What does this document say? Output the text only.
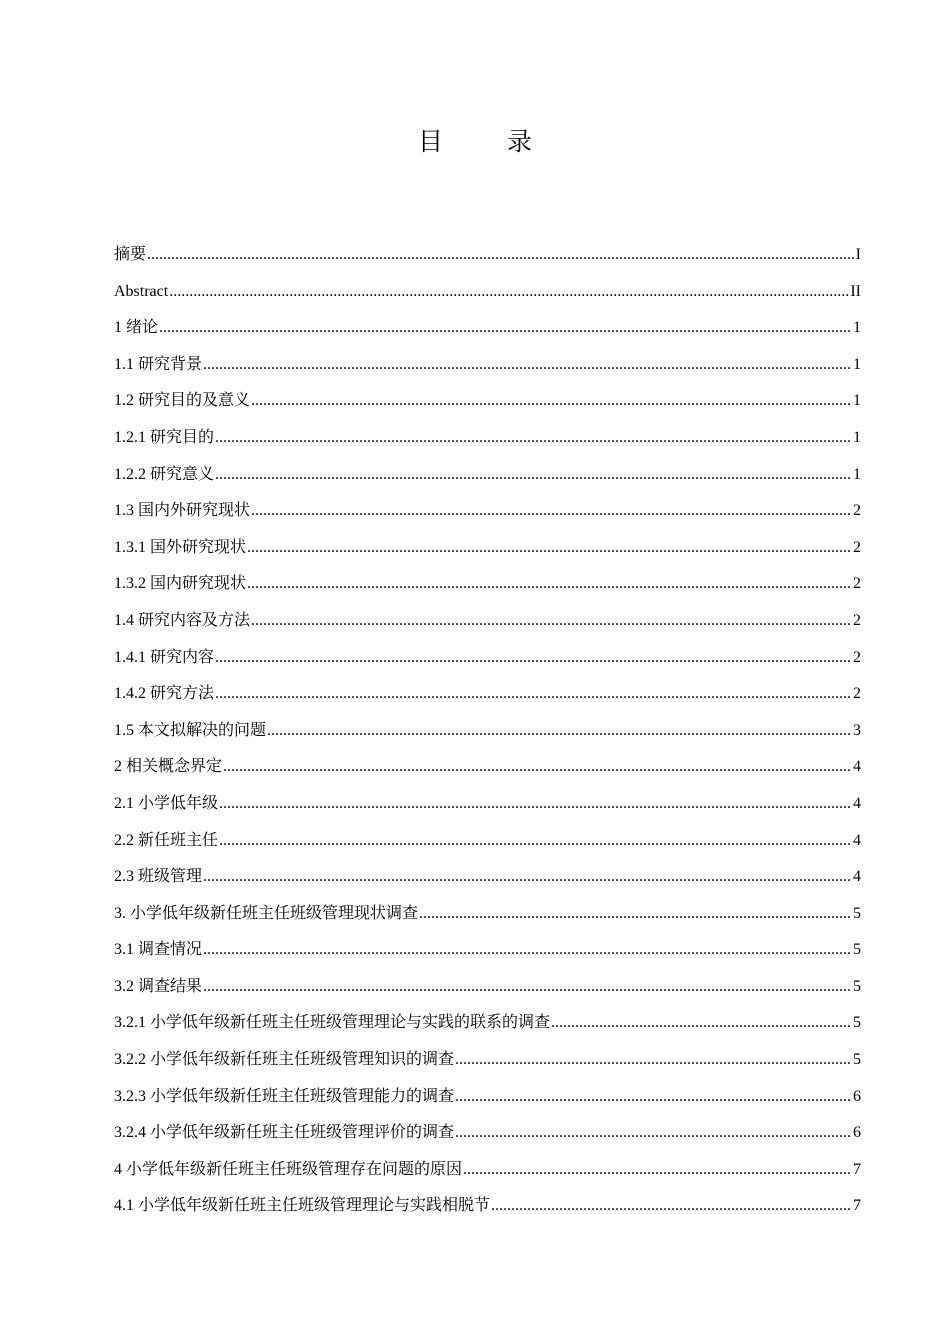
目 录
摘要 .....	I
Abstract .....	II
1 绪论 .....	1
1.1 研究背景 .....	1
1.2 研究目的及意义 .....	1
1.2.1 研究目的 .....	1
1.2.2 研究意义 .....	1
1.3 国内外研究现状 .....	2
1.3.1 国外研究现状 .....	2
1.3.2 国内研究现状 .....	2
1.4 研究内容及方法 .....	2
1.4.1 研究内容 .....	2
1.4.2 研究方法 .....	2
1.5 本文拟解决的问题 .....	3
2 相关概念界定 .....	4
2.1 小学低年级 .....	4
2.2 新任班主任 .....	4
2.3 班级管理 .....	4
3. 小学低年级新任班主任班级管理现状调查 .....	5
3.1 调查情况 .....	5
3.2 调查结果 .....	5
3.2.1 小学低年级新任班主任班级管理理论与实践的联系的调查 .....	5
3.2.2 小学低年级新任班主任班级管理知识的调查 .....	5
3.2.3 小学低年级新任班主任班级管理能力的调查 .....	6
3.2.4 小学低年级新任班主任班级管理评价的调查 .....	6
4 小学低年级新任班主任班级管理存在问题的原因 .....	7
4.1 小学低年级新任班主任班级管理理论与实践相脱节 .....	7
